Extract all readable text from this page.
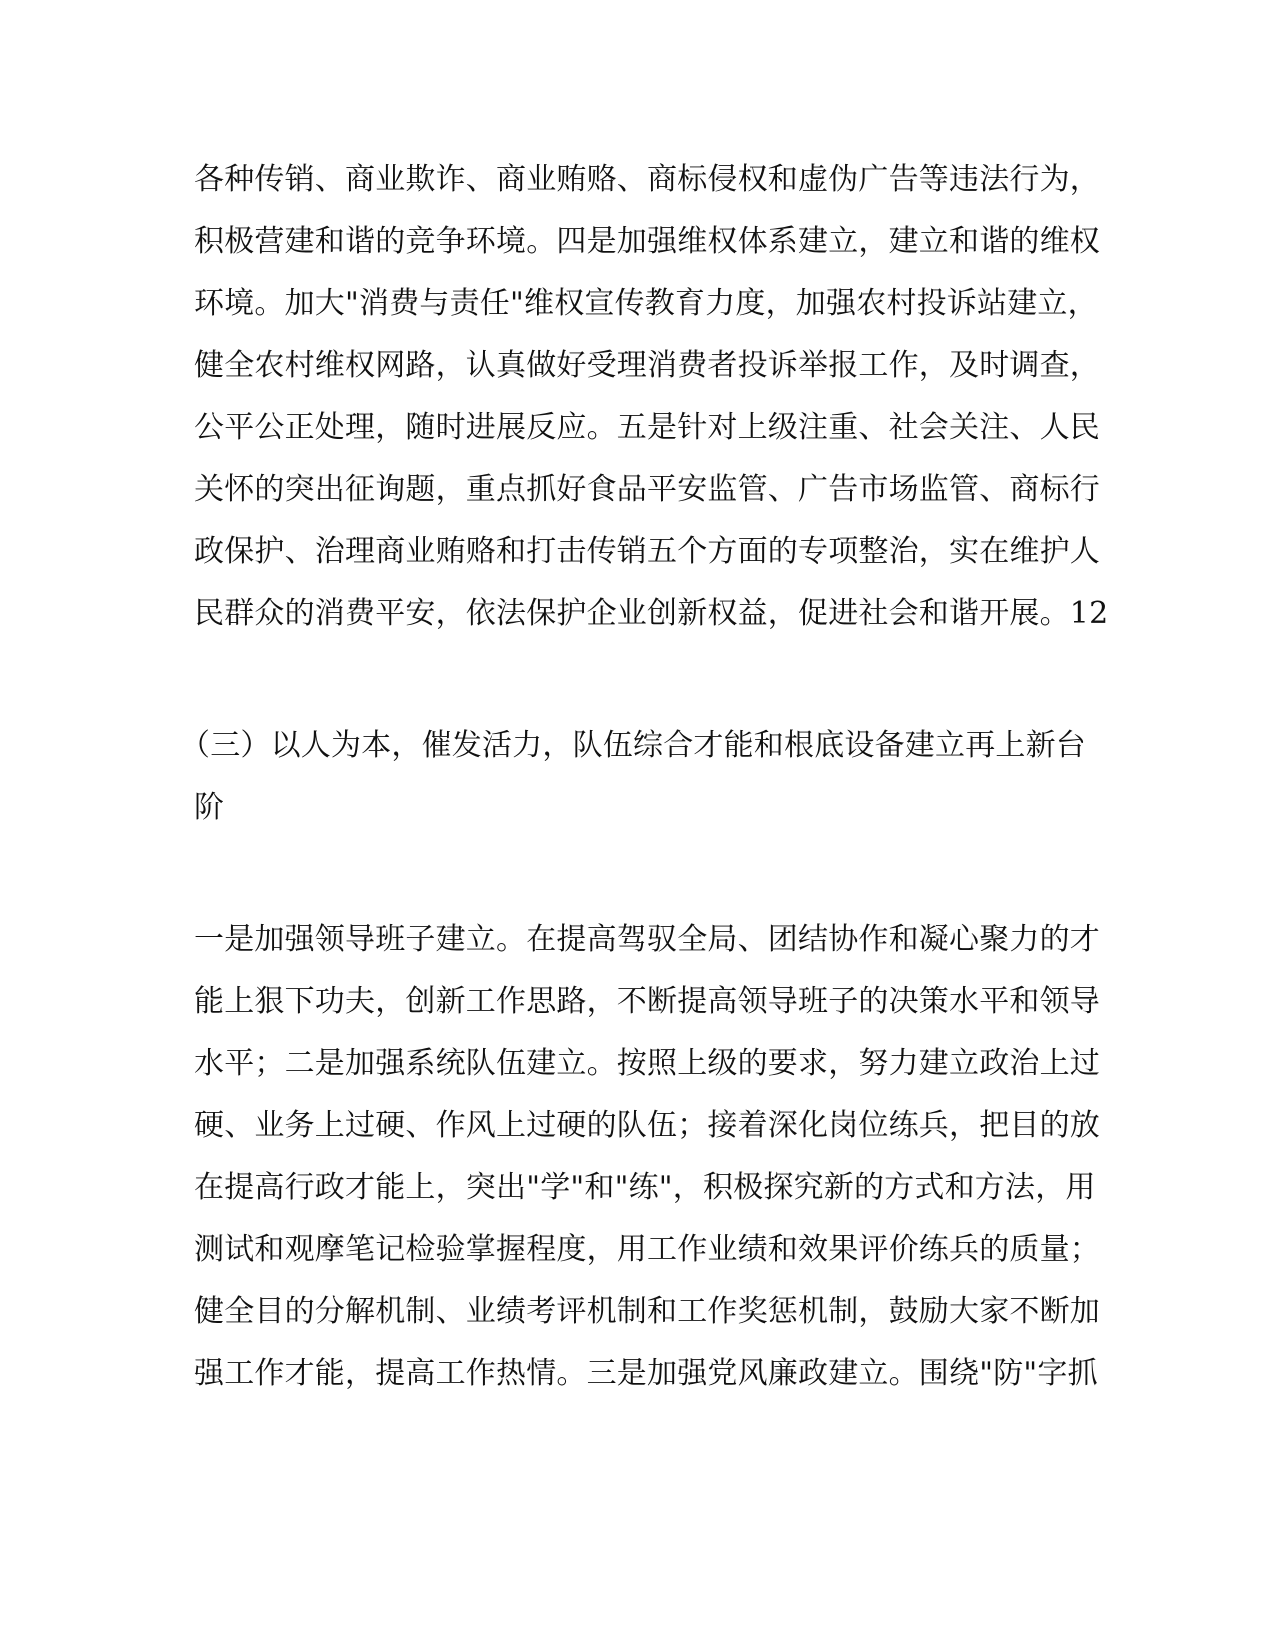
各种传销、商业欺诈、商业贿赂、商标侵权和虚伪广告等违法行为，

积极营建和谐的竞争环境。四是加强维权体系建立，建立和谐的维权

环境。加大"消费与责任"维权宣传教育力度，加强农村投诉站建立，

健全农村维权网路，认真做好受理消费者投诉举报工作，及时调查，

公平公正处理，随时进展反应。五是针对上级注重、社会关注、人民

关怀的突出征询题，重点抓好食品平安监管、广告市场监管、商标行

政保护、治理商业贿赂和打击传销五个方面的专项整治，实在维护人

民群众的消费平安，依法保护企业创新权益，促进社会和谐开展。12

（三）以人为本，催发活力，队伍综合才能和根底设备建立再上新台

阶

一是加强领导班子建立。在提高驾驭全局、团结协作和凝心聚力的才

能上狠下功夫，创新工作思路，不断提高领导班子的决策水平和领导

水平；二是加强系统队伍建立。按照上级的要求，努力建立政治上过

硬、业务上过硬、作风上过硬的队伍；接着深化岗位练兵，把目的放

在提高行政才能上，突出"学"和"练"，积极探究新的方式和方法，用

测试和观摩笔记检验掌握程度，用工作业绩和效果评价练兵的质量；

健全目的分解机制、业绩考评机制和工作奖惩机制，鼓励大家不断加

强工作才能，提高工作热情。三是加强党风廉政建立。围绕"防"字抓
